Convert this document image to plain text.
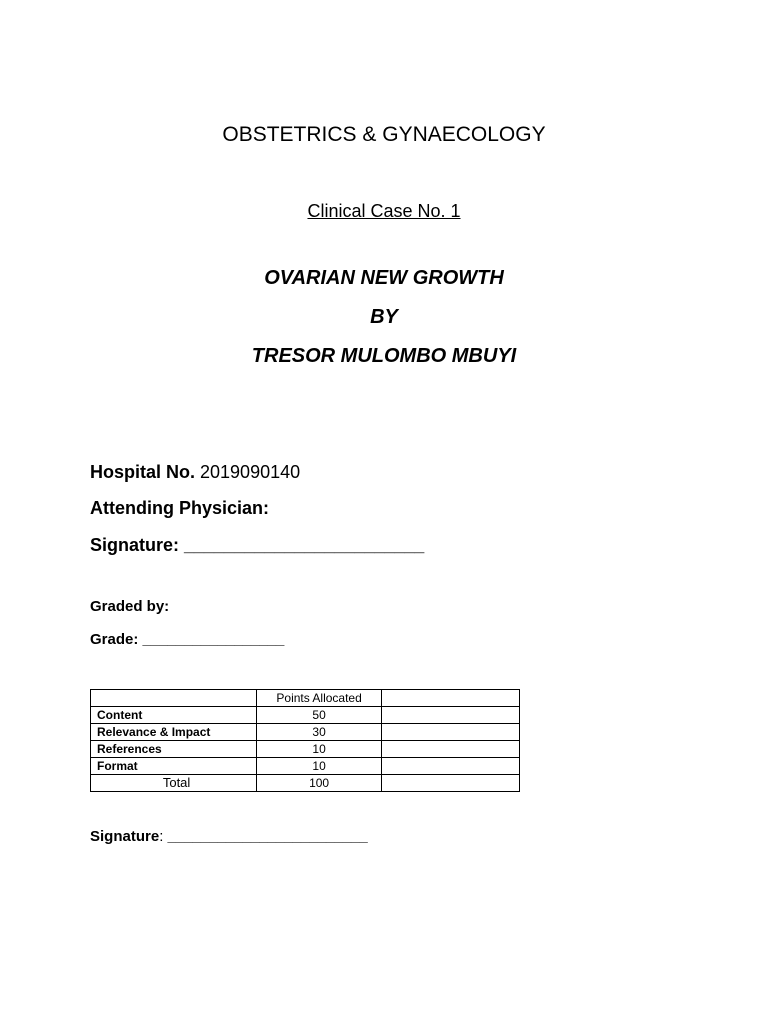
OBSTETRICS & GYNAECOLOGY
Clinical Case No. 1
OVARIAN NEW GROWTH
BY
TRESOR MULOMBO MBUYI
Hospital No. 2019090140
Attending Physician:
Signature: ________________________
Graded by:
Grade: _________________
	Points Allocated	
Content	50	
Relevance & Impact	30	
References	10	
Format	10	
Total	100	
Signature: ________________________
